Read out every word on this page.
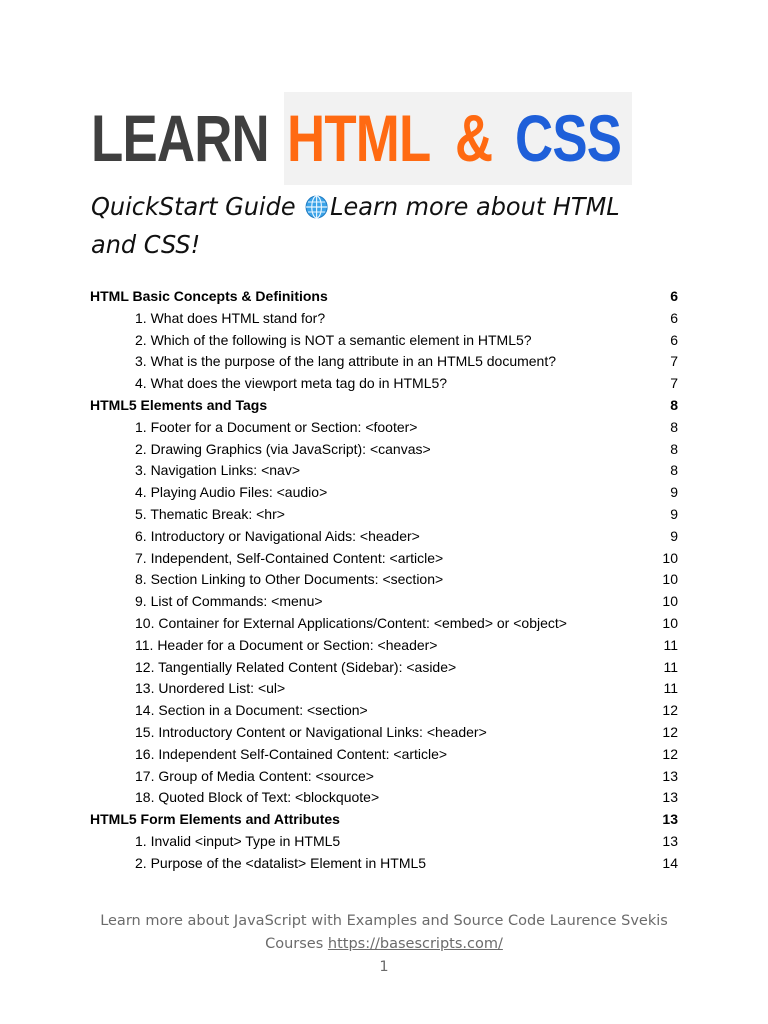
LEARN HTML & CSS
QuickStart Guide Learn more about HTML
and CSS!
HTML Basic Concepts & Definitions	6
1. What does HTML stand for?	6
2. Which of the following is NOT a semantic element in HTML5?	6
3. What is the purpose of the lang attribute in an HTML5 document?	7
4. What does the viewport meta tag do in HTML5?	7
HTML5 Elements and Tags	8
1. Footer for a Document or Section: <footer>	8
2. Drawing Graphics (via JavaScript): <canvas>	8
3. Navigation Links: <nav>	8
4. Playing Audio Files: <audio>	9
5. Thematic Break: <hr>	9
6. Introductory or Navigational Aids: <header>	9
7. Independent, Self-Contained Content: <article>	10
8. Section Linking to Other Documents: <section>	10
9. List of Commands: <menu>	10
10. Container for External Applications/Content: <embed> or <object>	10
11. Header for a Document or Section: <header>	11
12. Tangentially Related Content (Sidebar): <aside>	11
13. Unordered List: <ul>	11
14. Section in a Document: <section>	12
15. Introductory Content or Navigational Links: <header>	12
16. Independent Self-Contained Content: <article>	12
17. Group of Media Content: <source>	13
18. Quoted Block of Text: <blockquote>	13
HTML5 Form Elements and Attributes	13
1. Invalid <input> Type in HTML5	13
2. Purpose of the <datalist> Element in HTML5	14
Learn more about JavaScript with Examples and Source Code Laurence Svekis
Courses https://basescripts.com/
1
